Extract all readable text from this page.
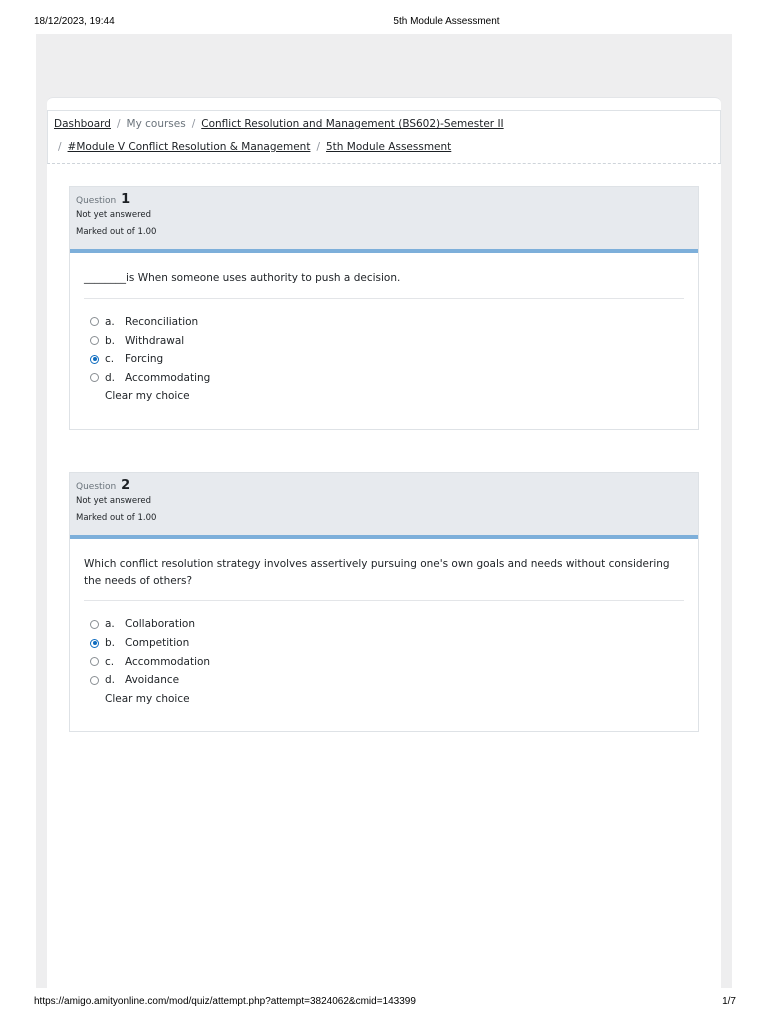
18/12/2023, 19:44	5th Module Assessment
Dashboard / My courses / Conflict Resolution and Management (BS602)-Semester II
/ #Module V Conflict Resolution & Management / 5th Module Assessment
Question 1
Not yet answered
Marked out of 1.00
________is When someone uses authority to push a decision.
a. Reconciliation
b. Withdrawal
c.	Forcing
d. Accommodating
Clear my choice
Question 2
Not yet answered
Marked out of 1.00
Which conflict resolution strategy involves assertively pursuing one's own goals and needs without considering the needs of others?
a. Collaboration
b. Competition
c.	Accommodation
d. Avoidance
Clear my choice
https://amigo.amityonline.com/mod/quiz/attempt.php?attempt=3824062&cmid=143399	1/7
